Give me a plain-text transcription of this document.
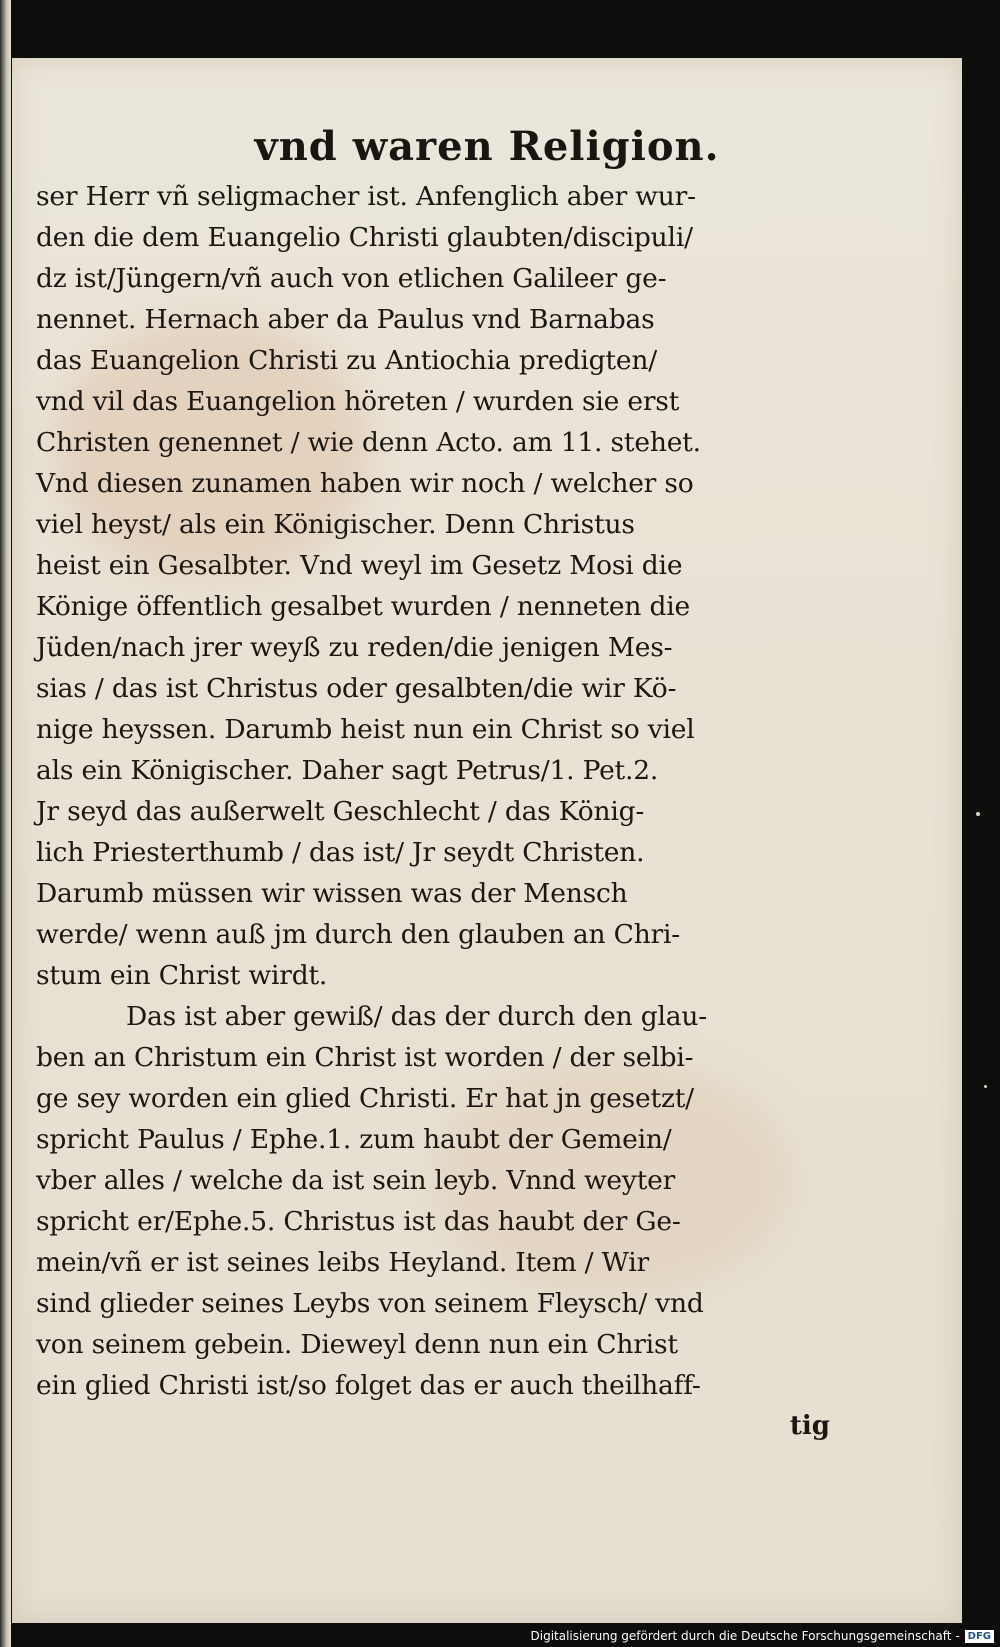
vnd waren Religion.
ser Herr vñ seligmacher ist. Anfenglich aber wur-
den die dem Euangelio Christi glaubten/discipuli/
dz ist/Jüngern/vñ auch von etlichen Galileer ge-
nennet. Hernach aber da Paulus vnd Barnabas
das Euangelion Christi zu Antiochia predigten/
vnd vil das Euangelion höreten / wurden sie erst
Christen genennet / wie denn Acto. am 11. stehet.
Vnd diesen zunamen haben wir noch / welcher so
viel heyst/ als ein Königischer. Denn Christus
heist ein Gesalbter. Vnd weyl im Gesetz Mosi die
Könige öffentlich gesalbet wurden / nenneten die
Jüden/nach jrer weyß zu reden/die jenigen Mes-
sias / das ist Christus oder gesalbten/die wir Kö-
nige heyssen. Darumb heist nun ein Christ so viel
als ein Königischer. Daher sagt Petrus/1. Pet.2.
Jr seyd das außerwelt Geschlecht / das König-
lich Priesterthumb / das ist/ Jr seydt Christen.
Darumb müssen wir wissen was der Mensch
werde/ wenn auß jm durch den glauben an Chri-
stum ein Christ wirdt.
Das ist aber gewiß/ das der durch den glau-
ben an Christum ein Christ ist worden / der selbi-
ge sey worden ein glied Christi. Er hat jn gesetzt/
spricht Paulus / Ephe.1. zum haubt der Gemein/
vber alles / welche da ist sein leyb. Vnnd weyter
spricht er/Ephe.5. Christus ist das haubt der Ge-
mein/vñ er ist seines leibs Heyland. Item / Wir
sind glieder seines Leybs von seinem Fleysch/ vnd
von seinem gebein. Dieweyl denn nun ein Christ
ein glied Christi ist/so folget das er auch theilhaff-
tig
Digitalisierung gefördert durch die Deutsche Forschungsgemeinschaft - DFG
